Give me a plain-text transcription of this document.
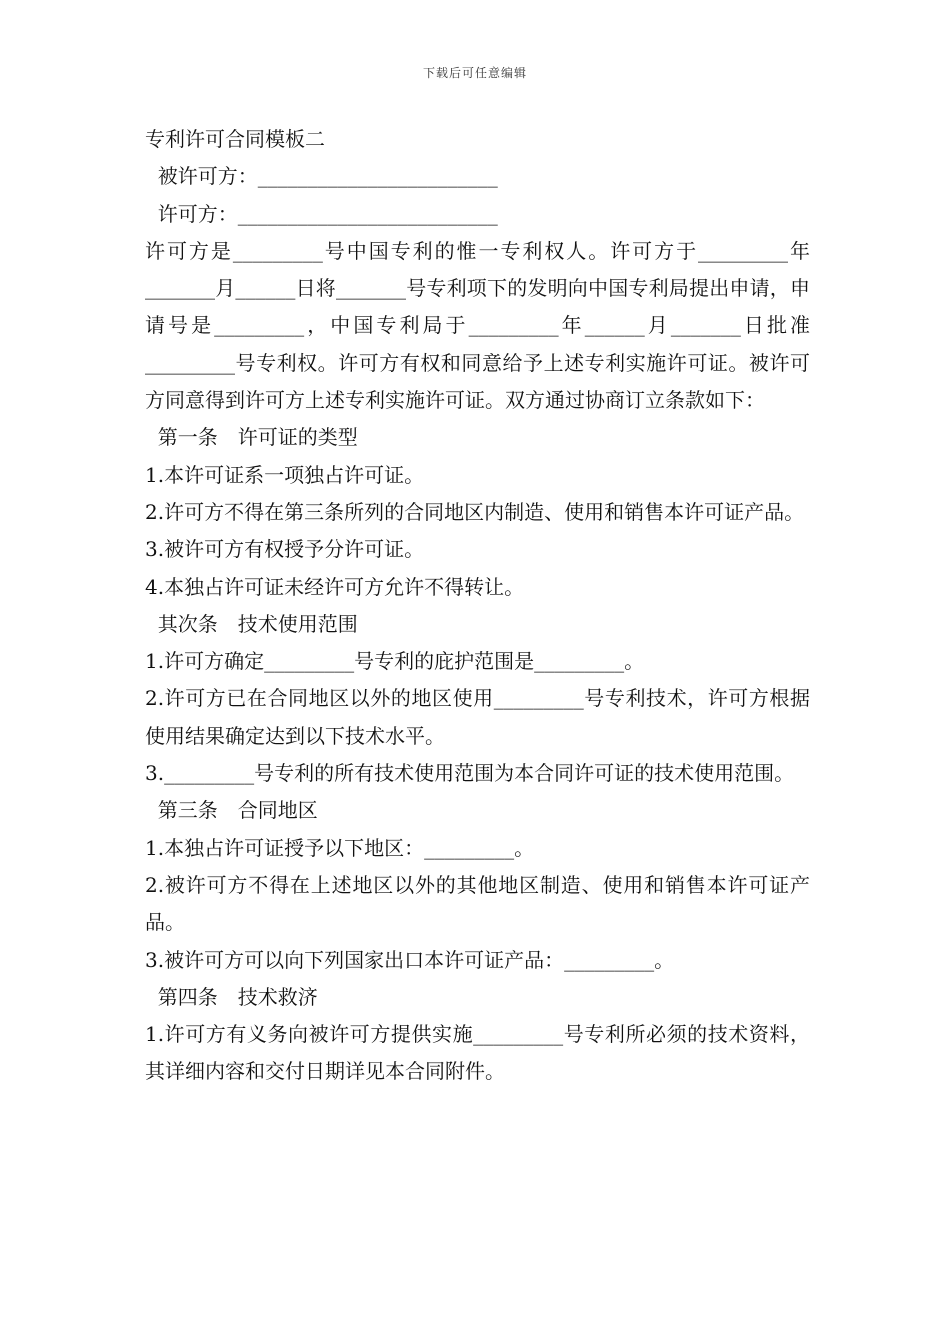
下载后可任意编辑

专利许可合同模板二

被许可方：________________________

许可方：__________________________

许可方是_________号中国专利的惟一专利权人。许可方于_________年_______月______日将_______号专利项下的发明向中国专利局提出申请，申请号是_________，中国专利局于_________年______月_______日批准_________号专利权。许可方有权和同意给予上述专利实施许可证。被许可方同意得到许可方上述专利实施许可证。双方通过协商订立条款如下：

第一条　许可证的类型

1.本许可证系一项独占许可证。

2.许可方不得在第三条所列的合同地区内制造、使用和销售本许可证产品。

3.被许可方有权授予分许可证。

4.本独占许可证未经许可方允许不得转让。

其次条　技术使用范围

1.许可方确定_________号专利的庇护范围是_________。

2.许可方已在合同地区以外的地区使用_________号专利技术，许可方根据使用结果确定达到以下技术水平。

3._________号专利的所有技术使用范围为本合同许可证的技术使用范围。

第三条　合同地区

1.本独占许可证授予以下地区：_________。

2.被许可方不得在上述地区以外的其他地区制造、使用和销售本许可证产品。

3.被许可方可以向下列国家出口本许可证产品：_________。

第四条　技术救济

1.许可方有义务向被许可方提供实施_________号专利所必须的技术资料，其详细内容和交付日期详见本合同附件。
